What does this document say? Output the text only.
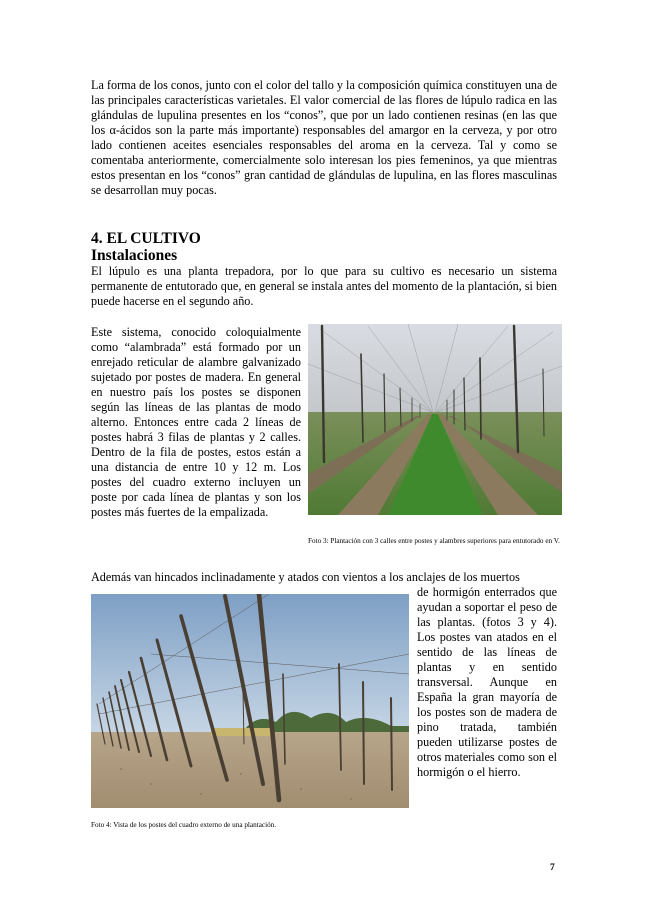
La forma de los conos, junto con el color del tallo y la composición química constituyen una de las principales características varietales. El valor comercial de las flores de lúpulo radica en las glándulas de lupulina presentes en los “conos”, que por un lado contienen resinas (en las que los α-ácidos son la parte más importante) responsables del amargor en la cerveza, y por otro lado contienen aceites esenciales responsables del aroma en la cerveza. Tal y como se comentaba anteriormente, comercialmente solo interesan los pies femeninos, ya que mientras estos presentan en los “conos” gran cantidad de glándulas de lupulina, en las flores masculinas se desarrollan muy pocas.

4. EL CULTIVO
Instalaciones

El lúpulo es una planta trepadora, por lo que para su cultivo es necesario un sistema permanente de entutorado que, en general se instala antes del momento de la plantación, si bien puede hacerse en el segundo año.

Este sistema, conocido coloquialmente como “alambrada” está formado por un enrejado reticular de alambre galvanizado sujetado por postes de madera. En general en nuestro país los postes se disponen según las líneas de las plantas de modo alterno. Entonces entre cada 2 líneas de postes habrá 3 filas de plantas y 2 calles. Dentro de la fila de postes, estos están a una distancia de entre 10 y 12 m. Los postes del cuadro externo incluyen un poste por cada línea de plantas y son los postes más fuertes de la empalizada.

Foto 3: Plantación con 3 calles entre postes y alambres superiores para entutorado en V.

Además van hincados inclinadamente y atados con vientos a los anclajes de los muertos

de hormigón enterrados que ayudan a soportar el peso de las plantas. (fotos 3 y 4). Los postes van atados en el sentido de las líneas de plantas y en sentido transversal. Aunque en España la gran mayoría de los postes son de madera de pino tratada, también pueden utilizarse postes de otros materiales como son el hormigón o el hierro.

Foto 4: Vista de los postes del cuadro externo de una plantación.

7
